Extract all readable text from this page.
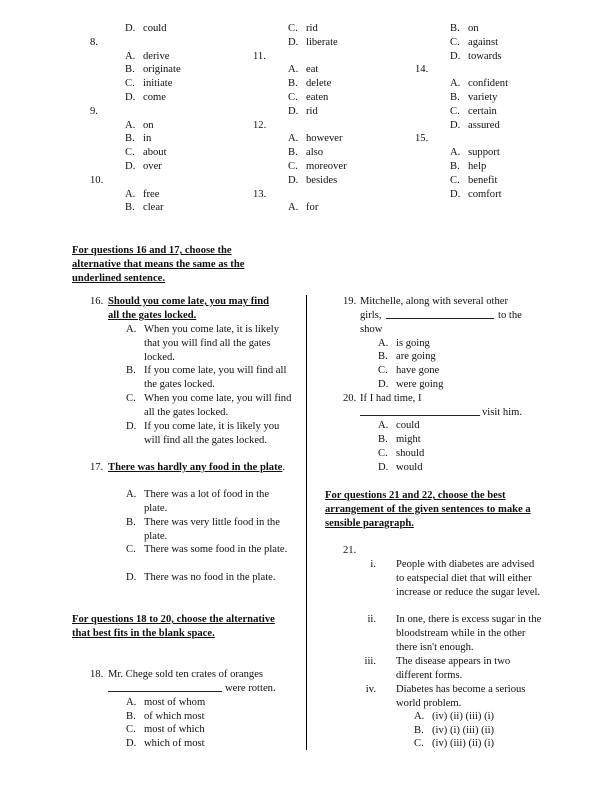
D. could
8.
A. derive
B. originate
C. initiate
D. come
9.
A. on
B. in
C. about
D. over
10.
A. free
B. clear
C. rid
D. liberate
11.
A. eat
B. delete
C. eaten
D. rid
12.
A. however
B. also
C. moreover
D. besides
13.
A. for
B. on
C. against
D. towards
14.
A. confident
B. variety
C. certain
D. assured
15.
A. support
B. help
C. benefit
D. comfort
For questions 16 and 17, choose the alternative that means the same as the underlined sentence.
16. Should you come late, you may find all the gates locked.
A. When you come late, it is likely that you will find all the gates locked.
B. If you come late, you will find all the gates locked.
C. When you come late, you will find all the gates locked.
D. If you come late, it is likely you will find all the gates locked.
17. There was hardly any food in the plate.
A. There was a lot of food in the plate.
B. There was very little food in the plate.
C. There was some food in the plate.
D. There was no food in the plate.
For questions 18 to 20, choose the alternative that best fits in the blank space.
18. Mr. Chege sold ten crates of oranges
were rotten.
A. most of whom
B. of which most
C. most of which
D. which of most
19. Mitchelle, along with several other
girls,	to the
show
A. is going
B. are going
C. have gone
D. were going
20. If I had time, I
visit him.
A. could
B. might
C. should
D. would
For questions 21 and 22, choose the best arrangement of the given sentences to make a sensible paragraph.
21.
i. People with diabetes are advised to eatspecial diet that will either increase or reduce the sugar level.
ii. In one, there is excess sugar in the bloodstream while in the other there isn't enough.
iii. The disease appears in two different forms.
iv. Diabetes has become a serious world problem.
A. (iv) (ii) (iii) (i)
B. (iv) (i) (iii) (ii)
C. (iv) (iii) (ii) (i)
